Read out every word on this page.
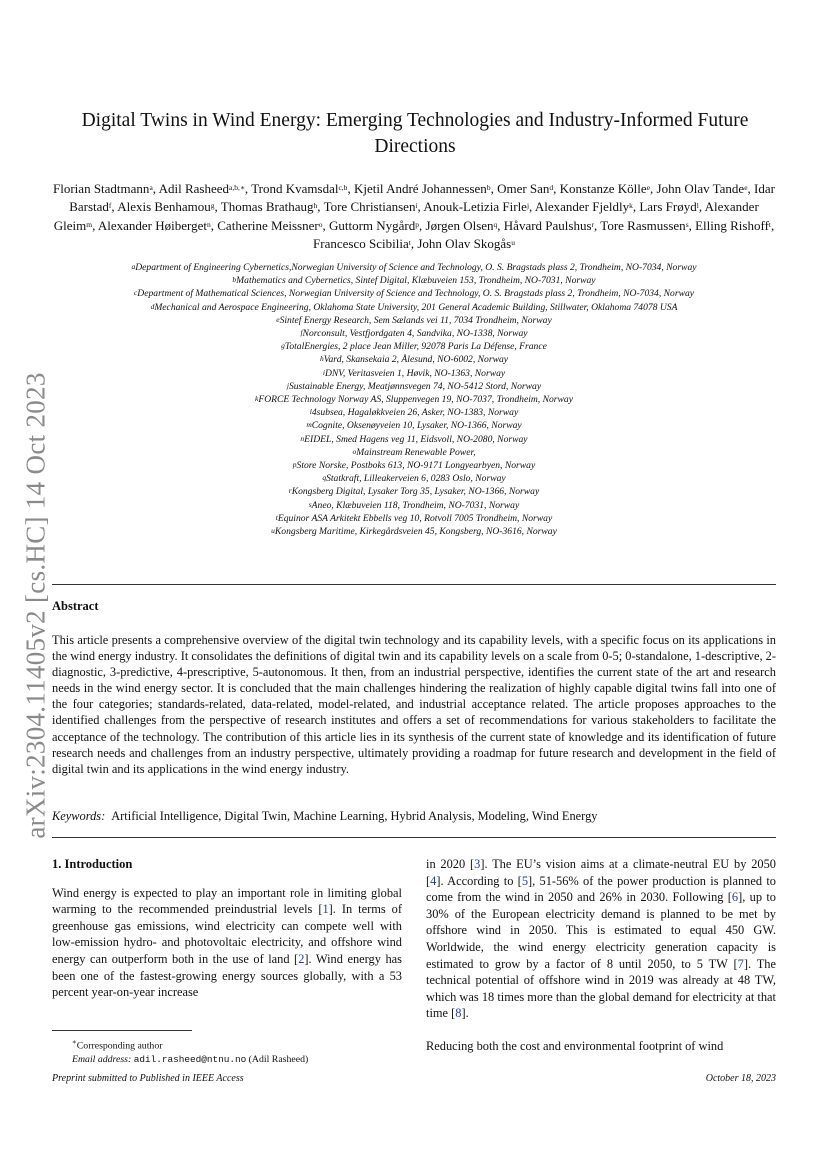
arXiv:2304.11405v2 [cs.HC] 14 Oct 2023
Digital Twins in Wind Energy: Emerging Technologies and Industry-Informed Future Directions
Florian Stadtmann$^a$, Adil Rasheed$^{a,b,∗}$, Trond Kvamsdal$^{c,b}$, Kjetil André Johannessen$^b$, Omer San$^d$, Konstanze Kölle$^e$, John Olav Tande$^e$, Idar Barstad$^f$, Alexis Benhamou$^g$, Thomas Brathaug$^h$, Tore Christiansen$^i$, Anouk-Letizia Firle$^j$, Alexander Fjeldly$^k$, Lars Frøyd$^l$, Alexander Gleim$^m$, Alexander Høiberget$^n$, Catherine Meissner$^o$, Guttorm Nygård$^p$, Jørgen Olsen$^q$, Håvard Paulshus$^r$, Tore Rasmussen$^s$, Elling Rishoff$^t$, Francesco Scibilia$^t$, John Olav Skogås$^u$
$^a$Department of Engineering Cybernetics,Norwegian University of Science and Technology, O. S. Bragstads plass 2, Trondheim, NO-7034, Norway
$^b$Mathematics and Cybernetics, Sintef Digital, Klæbuveien 153, Trondheim, NO-7031, Norway
$^c$Department of Mathematical Sciences, Norwegian University of Science and Technology, O. S. Bragstads plass 2, Trondheim, NO-7034, Norway
$^d$Mechanical and Aerospace Engineering, Oklahoma State University, 201 General Academic Building, Stillwater, Oklahoma 74078 USA
$^e$Sintef Energy Research, Sem Sælands vei 11, 7034 Trondheim, Norway
$^f$Norconsult, Vestfjordgaten 4, Sandvika, NO-1338, Norway
$^g$TotalEnergies, 2 place Jean Miller, 92078 Paris La Défense, France
$^h$Vard, Skansekaia 2, Ålesund, NO-6002, Norway
$^i$DNV, Veritasveien 1, Høvik, NO-1363, Norway
$^j$Sustainable Energy, Meatjønnsvegen 74, NO-5412 Stord, Norway
$^k$FORCE Technology Norway AS, Sluppenvegen 19, NO-7037, Trondheim, Norway
$^l$4subsea, Hagaløkkveien 26, Asker, NO-1383, Norway
$^m$Cognite, Oksenøyveien 10, Lysaker, NO-1366, Norway
$^n$EIDEL, Smed Hagens veg 11, Eidsvoll, NO-2080, Norway
$^o$Mainstream Renewable Power,
$^p$Store Norske, Postboks 613, NO-9171 Longyearbyen, Norway
$^q$Statkraft, Lilleakerveien 6, 0283 Oslo, Norway
$^r$Kongsberg Digital, Lysaker Torg 35, Lysaker, NO-1366, Norway
$^s$Aneo, Klæbuveien 118, Trondheim, NO-7031, Norway
$^t$Equinor ASA Arkitekt Ebbells veg 10, Rotvoll 7005 Trondheim, Norway
$^u$Kongsberg Maritime, Kirkegårdsveien 45, Kongsberg, NO-3616, Norway
Abstract
This article presents a comprehensive overview of the digital twin technology and its capability levels, with a specific focus on its applications in the wind energy industry. It consolidates the definitions of digital twin and its capability levels on a scale from 0-5; 0-standalone, 1-descriptive, 2-diagnostic, 3-predictive, 4-prescriptive, 5-autonomous. It then, from an industrial perspective, identifies the current state of the art and research needs in the wind energy sector. It is concluded that the main challenges hindering the realization of highly capable digital twins fall into one of the four categories; standards-related, data-related, model-related, and industrial acceptance related. The article proposes approaches to the identified challenges from the perspective of research institutes and offers a set of recommendations for various stakeholders to facilitate the acceptance of the technology. The contribution of this article lies in its synthesis of the current state of knowledge and its identification of future research needs and challenges from an industry perspective, ultimately providing a roadmap for future research and development in the field of digital twin and its applications in the wind energy industry.
Keywords: Artificial Intelligence, Digital Twin, Machine Learning, Hybrid Analysis, Modeling, Wind Energy
1. Introduction

Wind energy is expected to play an important role in limiting global warming to the recommended preindustrial levels [1]. In terms of greenhouse gas emissions, wind electricity can compete well with low-emission hydro- and photovoltaic electricity, and offshore wind energy can outperform both in the use of land [2]. Wind energy has been one of the fastest-growing energy sources globally, with a 53 percent year-on-year increase

in 2020 [3]. The EU’s vision aims at a climate-neutral EU by 2050 [4]. According to [5], 51-56% of the power production is planned to come from the wind in 2050 and 26% in 2030. Following [6], up to 30% of the European electricity demand is planned to be met by offshore wind in 2050. This is estimated to equal 450 GW. Worldwide, the wind energy electricity generation capacity is estimated to grow by a factor of 8 until 2050, to 5 TW [7]. The technical potential of offshore wind in 2019 was already at 48 TW, which was 18 times more than the global demand for electricity at that time [8].

Reducing both the cost and environmental footprint of wind

∗Corresponding author
Email address: adil.rasheed@ntnu.no (Adil Rasheed)
Preprint submitted to Published in IEEE Access	October 18, 2023
